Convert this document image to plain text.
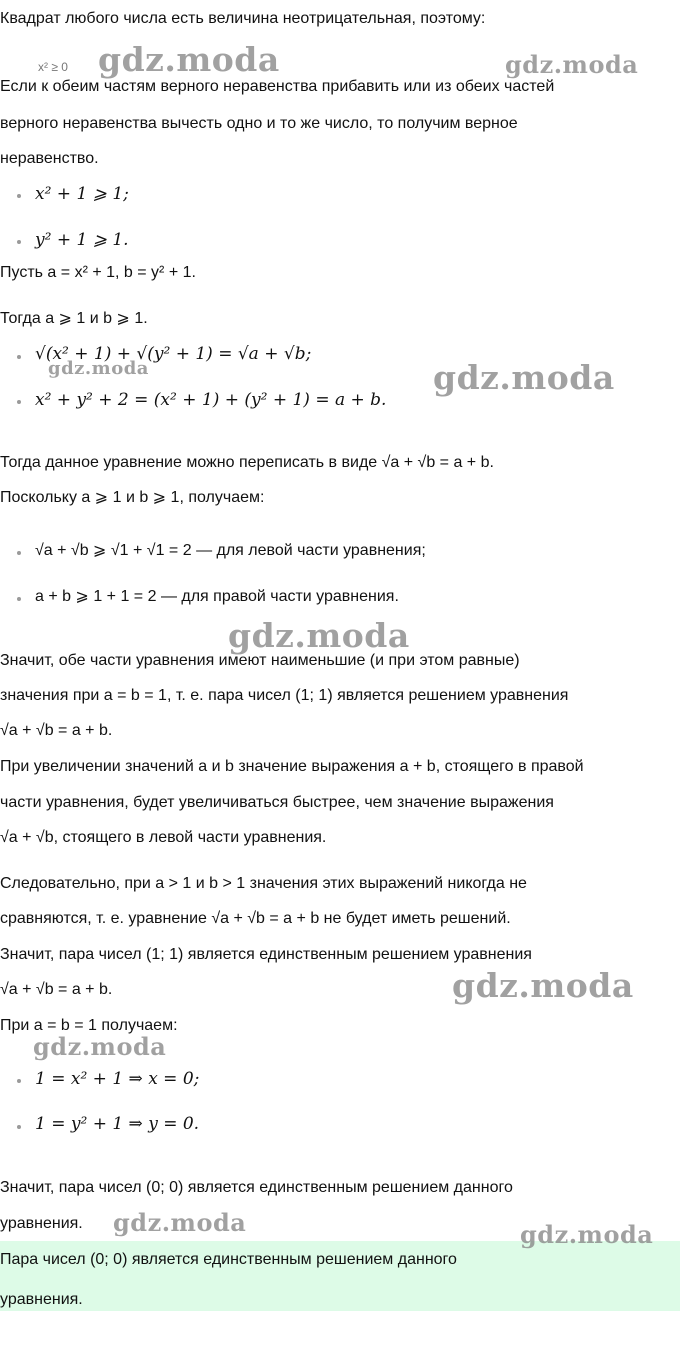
Квадрат любого числа есть величина неотрицательная, поэтому:
x² ≥ 0
Если к обеим частям верного неравенства прибавить или из обеих частей
верного неравенства вычесть одно и то же число, то получим верное
неравенство.
x² + 1 ⩾ 1;
y² + 1 ⩾ 1.
Пусть a = x² + 1, b = y² + 1.
Тогда a ⩾ 1 и b ⩾ 1.
√(x² + 1) + √(y² + 1) = √a + √b;
x² + y² + 2 = (x² + 1) + (y² + 1) = a + b.
Тогда данное уравнение можно переписать в виде √a + √b = a + b.
Поскольку a ⩾ 1 и b ⩾ 1, получаем:
√a + √b ⩾ √1 + √1 = 2 — для левой части уравнения;
a + b ⩾ 1 + 1 = 2 — для правой части уравнения.
Значит, обе части уравнения имеют наименьшие (и при этом равные)
значения при a = b = 1, т. е. пара чисел (1; 1) является решением уравнения
√a + √b = a + b.
При увеличении значений a и b значение выражения a + b, стоящего в правой
части уравнения, будет увеличиваться быстрее, чем значение выражения
√a + √b, стоящего в левой части уравнения.
Следовательно, при a > 1 и b > 1 значения этих выражений никогда не
сравняются, т. е. уравнение √a + √b = a + b не будет иметь решений.
Значит, пара чисел (1; 1) является единственным решением уравнения
√a + √b = a + b.
При a = b = 1 получаем:
1 = x² + 1 ⇒ x = 0;
1 = y² + 1 ⇒ y = 0.
Значит, пара чисел (0; 0) является единственным решением данного
уравнения.
Пара чисел (0; 0) является единственным решением данного
уравнения.
gdz.moda	gdz.moda
gdz.moda	gdz.moda
gdz.moda
gdz.moda
gdz.moda
gdz.moda	gdz.moda
